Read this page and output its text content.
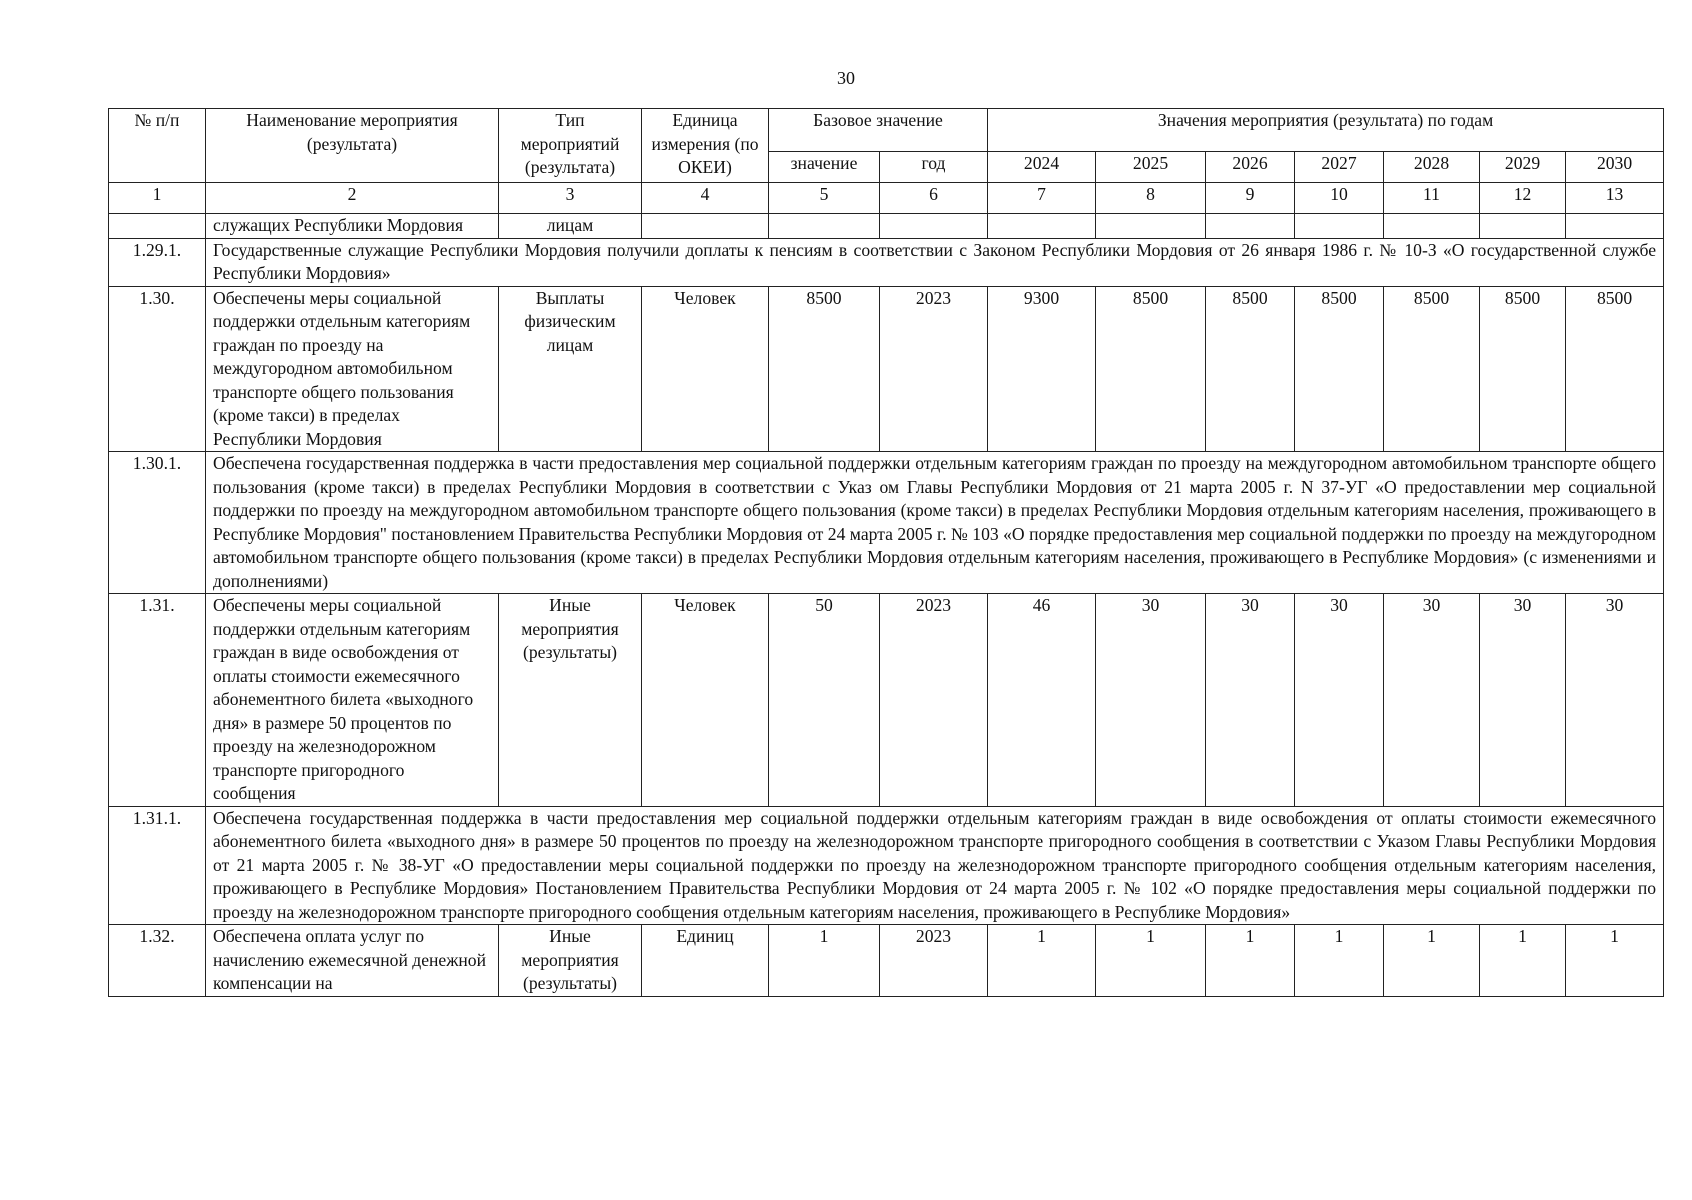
30
№ п/п	Наименование мероприятия (результата)	Тип мероприятий (результата)	Единица измерения (по ОКЕИ)	Базовое значение		Значения мероприятия (результата) по годам						
				значение	год	2024	2025	2026	2027	2028	2029	2030
1	2	3	4	5	6	7	8	9	10	11	12	13
	служащих Республики Мордовия	лицам										
1.29.1.	Государственные служащие Республики Мордовия получили доплаты к пенсиям в соответствии с Законом Республики Мордовия от 26 января 1986 г. № 10-З «О государственной службе Республики Мордовия»											
1.30.	Обеспечены меры социальной поддержки отдельным категориям граждан по проезду на междугородном автомобильном транспорте общего пользования (кроме такси) в пределах Республики Мордовия	Выплаты физическим лицам	Человек	8500	2023	9300	8500	8500	8500	8500	8500	8500
1.30.1.	Обеспечена государственная поддержка в части предоставления мер социальной поддержки отдельным категориям граждан по проезду на междугородном автомобильном транспорте общего пользования (кроме такси) в пределах Республики Мордовия в соответствии с Указ ом Главы Республики Мордовия от 21 марта 2005 г. N 37-УГ «О предоставлении мер социальной поддержки по проезду на междугородном автомобильном транспорте общего пользования (кроме такси) в пределах Республики Мордовия отдельным категориям населения, проживающего в Республике Мордовия" постановлением Правительства Республики Мордовия от 24 марта 2005 г. № 103 «О порядке предоставления мер социальной поддержки по проезду на междугородном автомобильном транспорте общего пользования (кроме такси) в пределах Республики Мордовия отдельным категориям населения, проживающего в Республике Мордовия» (с изменениями и дополнениями)											
1.31.	Обеспечены меры социальной поддержки отдельным категориям граждан в виде освобождения от оплаты стоимости ежемесячного абонементного билета «выходного дня» в размере 50 процентов по проезду на железнодорожном транспорте пригородного сообщения	Иные мероприятия (результаты)	Человек	50	2023	46	30	30	30	30	30	30
1.31.1.	Обеспечена государственная поддержка в части предоставления мер социальной поддержки отдельным категориям граждан в виде освобождения от оплаты стоимости ежемесячного абонементного билета «выходного дня» в размере 50 процентов по проезду на железнодорожном транспорте пригородного сообщения в соответствии с Указом Главы Республики Мордовия от 21 марта 2005 г. № 38-УГ «О предоставлении меры социальной поддержки по проезду на железнодорожном транспорте пригородного сообщения отдельным категориям населения, проживающего в Республике Мордовия» Постановлением Правительства Республики Мордовия от 24 марта 2005 г. № 102 «О порядке предоставления меры социальной поддержки по проезду на железнодорожном транспорте пригородного сообщения отдельным категориям населения, проживающего в Республике Мордовия»											
1.32.	Обеспечена оплата услуг по начислению ежемесячной денежной компенсации на	Иные мероприятия (результаты)	Единиц	1	2023	1	1	1	1	1	1	1
